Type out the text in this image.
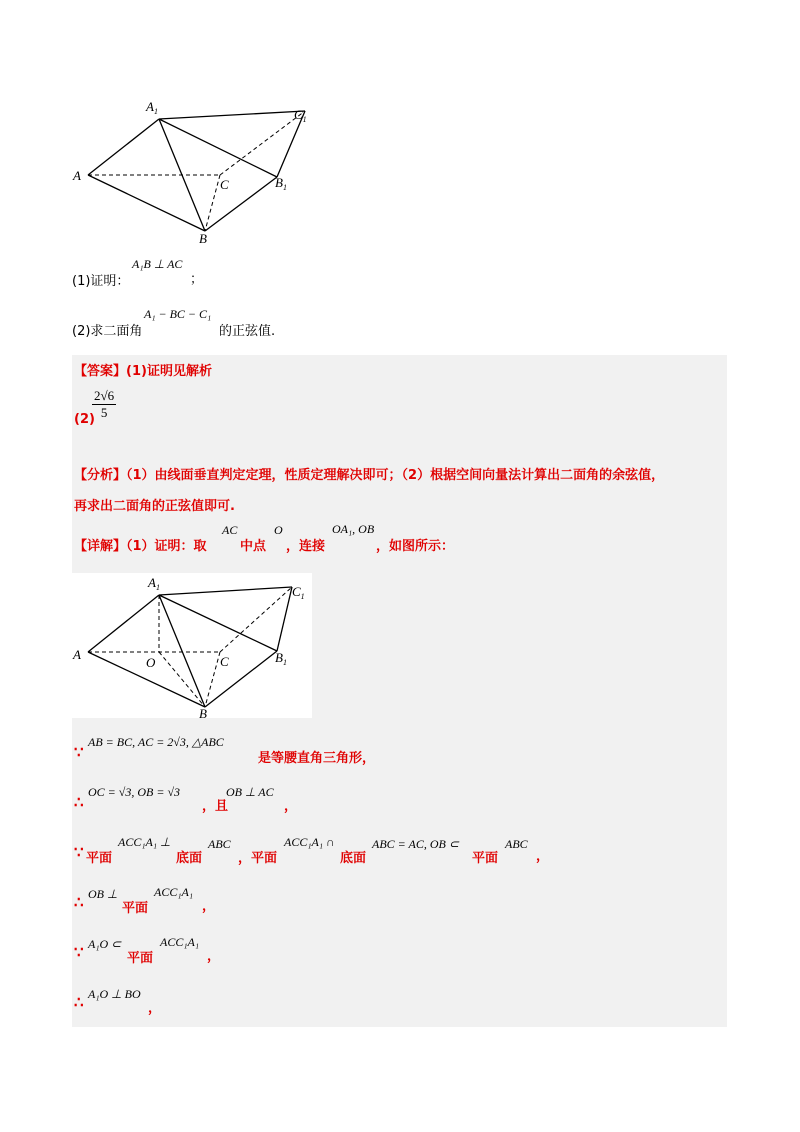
$A_1$	$C_1$
A
C	$B_1$
B
(1)证明：
A₁B ⊥ AC
；
(2)求二面角
A₁ − BC − C₁
的正弦值.
【答案】(1)证明见解析
(2)
$\frac{2√6}{5}$
【分析】（1）由线面垂直判定定理，性质定理解决即可；（2）根据空间向量法计算出二面角的余弦值，
再求出二面角的正弦值即可.
【详解】（1）证明：取
AC
中点
O
，连接
OA₁, OB
，如图所示：
$A_1$	$C_1$
A
O	C	$B_1$
B
∵
AB = BC, AC = 2√3, △ABC
是等腰直角三角形，
∴
OC = √3, OB = √3
，且
OB ⊥ AC
，
∵ 平面
ACC₁A₁ ⊥
底面
ABC
，平面
ACC₁A₁ ∩
底面
ABC = AC, OB ⊂
平面
ABC
，
∴
OB ⊥
平面
ACC₁A₁
，
∵
A₁O ⊂
平面
ACC₁A₁
，
∴
A₁O ⊥ BO
，
